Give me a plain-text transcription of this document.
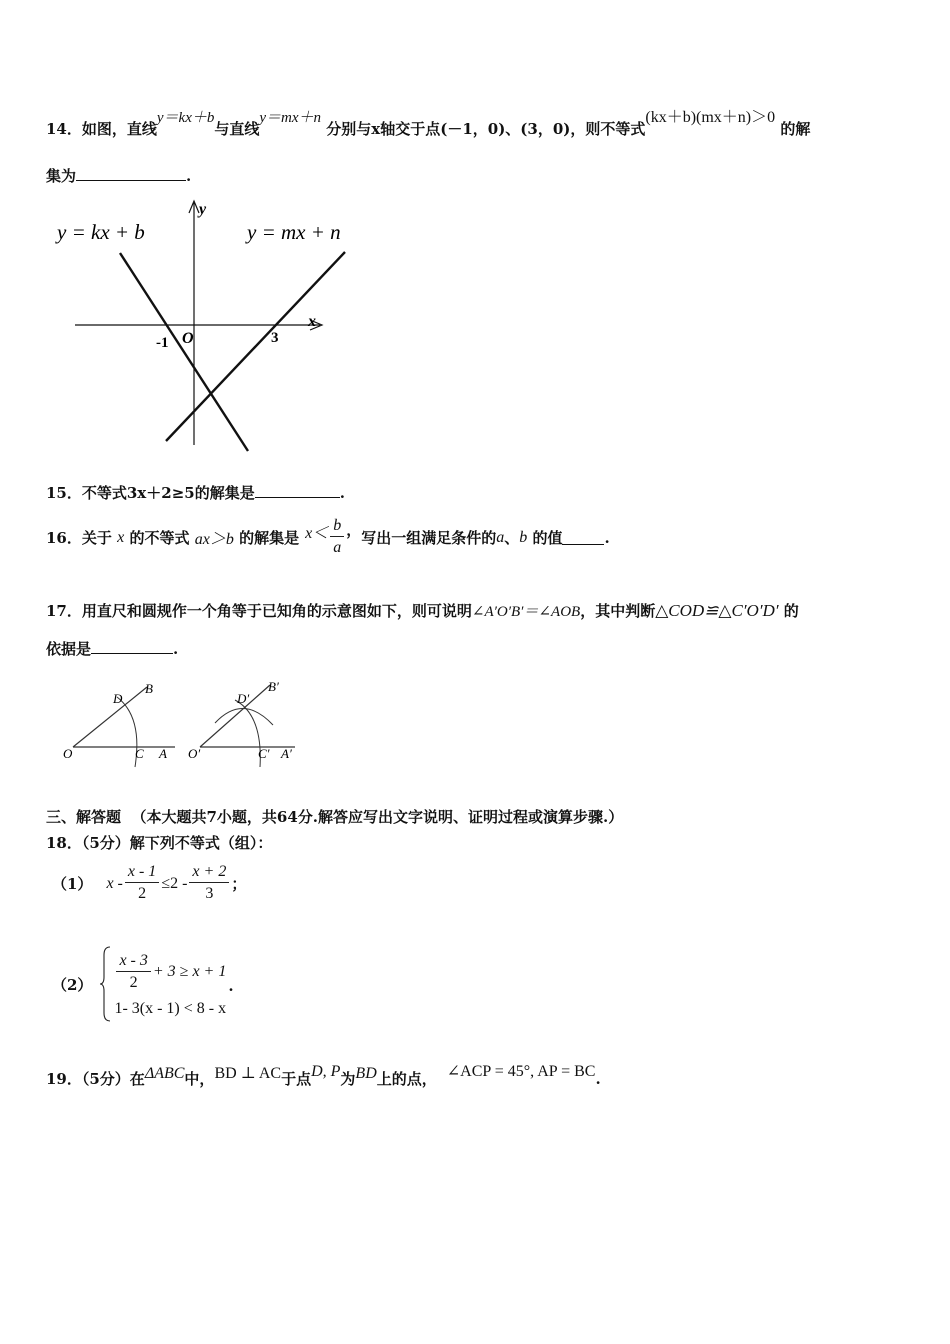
14．如图，直线y＝kx＋b与直线y＝mx＋n 分别与x轴交于点(－1，0)、(3，0)，则不等式(kx＋b)(mx＋n)＞0 的解
集为	.
y = kx + b	y = mx + n
x
y
O
-1	3
15．不等式3x＋2≥5的解集是	.
16． 关于
x
的不等式
ax＞b
的解集是 $x< \frac{b}{a}$ ， 写出一组满足条件的 a 、 b
的值	.
17．用直尺和圆规作一个角等于已知角的示意图如下，则可说明∠A′O′B′＝∠AOB，其中判断△COD≌△C′O′D′ 的
依据是	.
O	C A
D
B
O′	C′ A′
D′
B′
三、解答题 （本大题共7小题，共64分.解答应写出文字说明、证明过程或演算步骤.）
18．（5分）解下列不等式（组）：
（1） $x - \frac{x - 1}{2} \le 2 - \frac{x + 2}{3}$ ；
$(2) \frac{x - 3}{2} + 3 \ge x + 1$
1- 3(x - 1) < 8 - x
.
19．（5分）在ΔABC中，BD ⊥ AC于点D, P为BD上的点， ∠ACP = 45°, AP = BC.
